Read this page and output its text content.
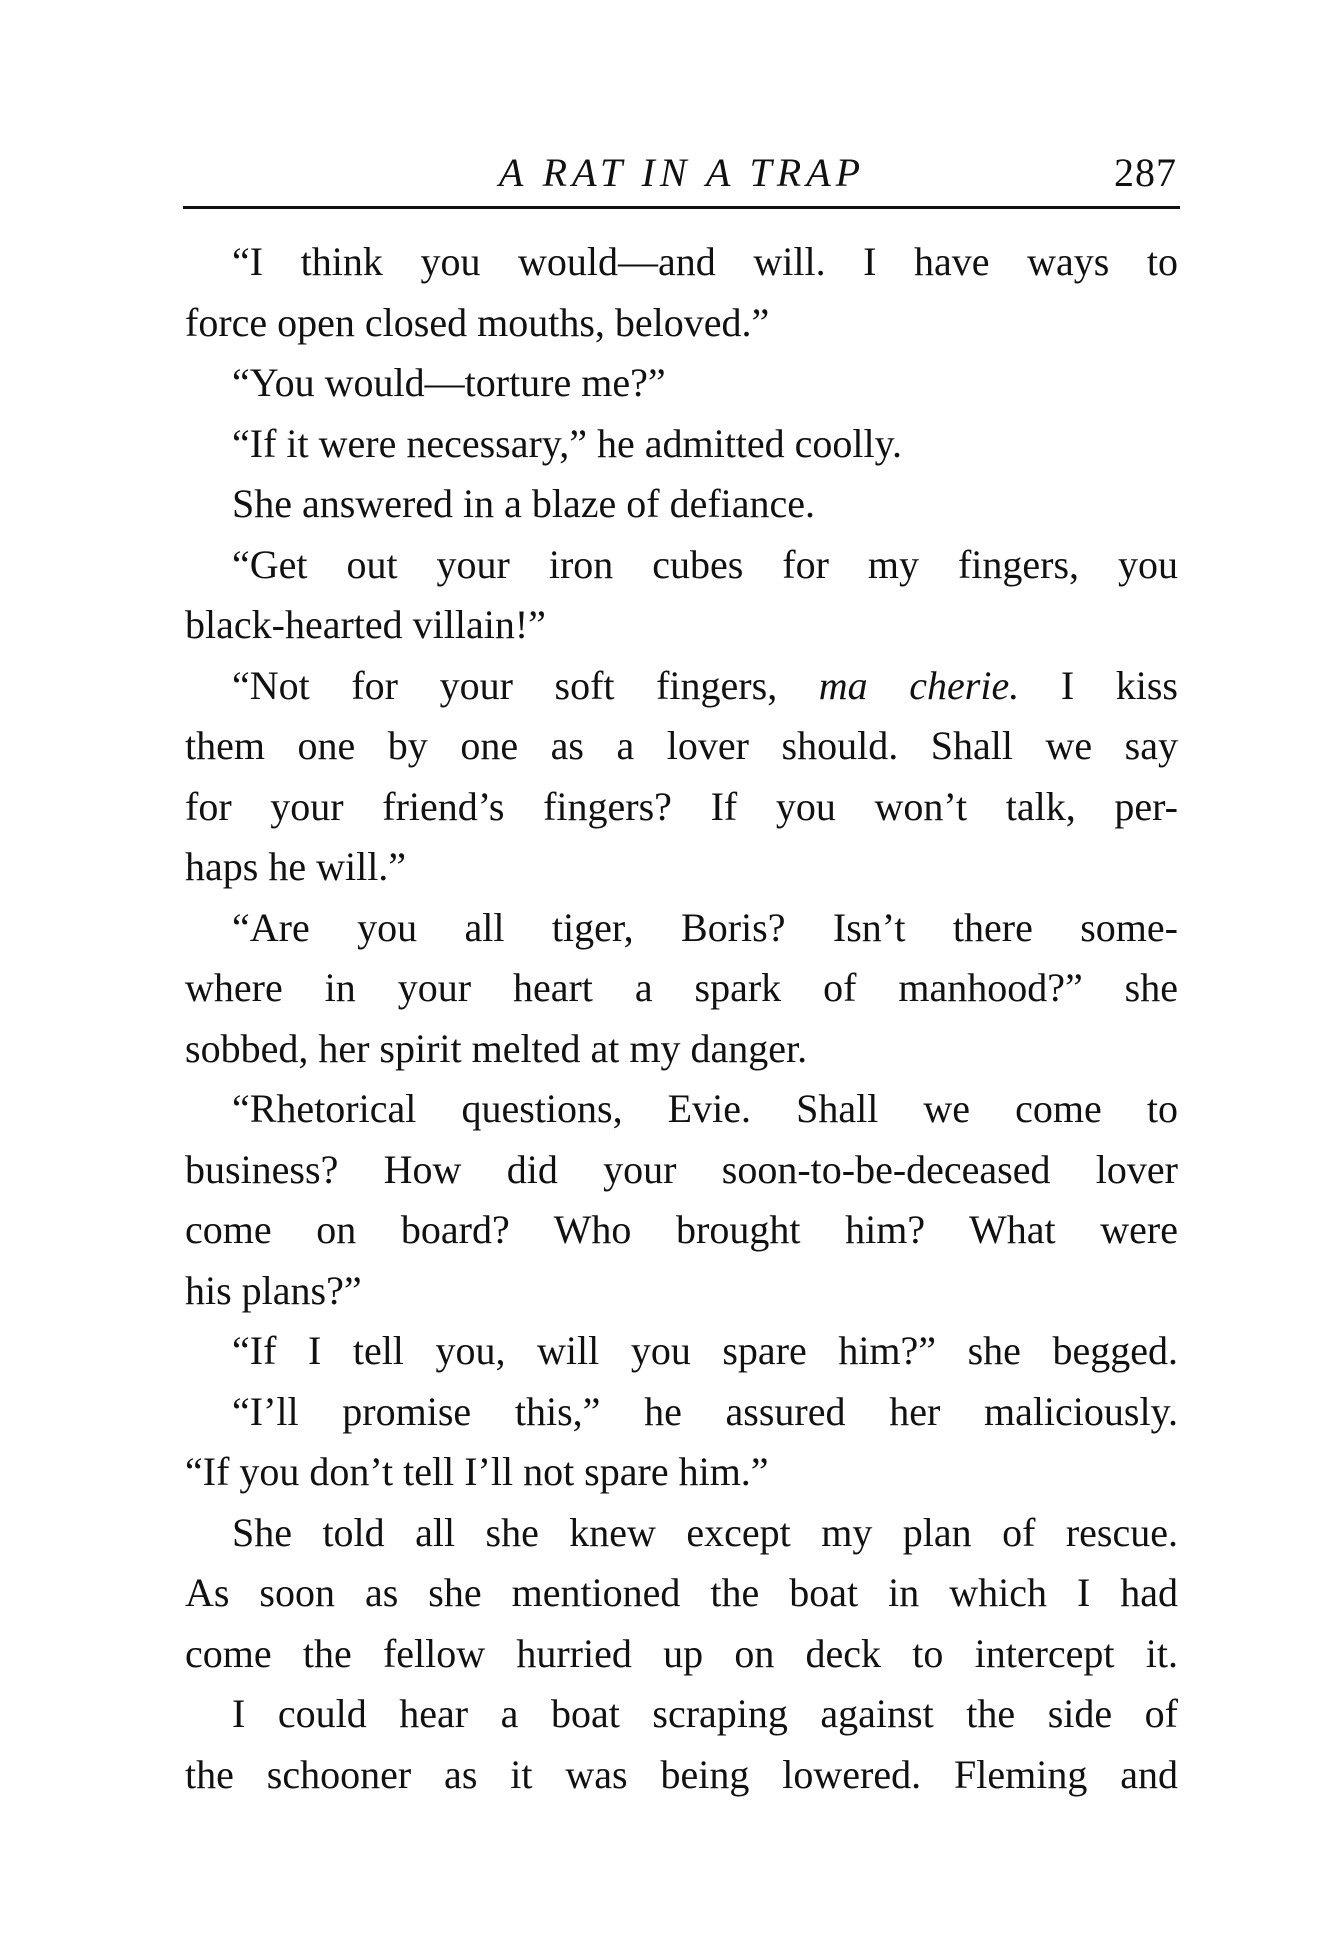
A RAT IN A TRAP	287
“I think you would—and will. I have ways to
force open closed mouths, beloved.”
“You would—torture me?”
“If it were necessary,” he admitted coolly.
She answered in a blaze of defiance.
“Get out your iron cubes for my fingers, you
black-hearted villain!”
“Not for your soft fingers, ma cherie. I kiss
them one by one as a lover should. Shall we say
for your friend’s fingers? If you won’t talk, per-
haps he will.”
“Are you all tiger, Boris? Isn’t there some-
where in your heart a spark of manhood?” she
sobbed, her spirit melted at my danger.
“Rhetorical questions, Evie. Shall we come to
business? How did your soon-to-be-deceased lover
come on board? Who brought him? What were
his plans?”
“If I tell you, will you spare him?” she begged.
“I’ll promise this,” he assured her maliciously.
“If you don’t tell I’ll not spare him.”
She told all she knew except my plan of rescue.
As soon as she mentioned the boat in which I had
come the fellow hurried up on deck to intercept it.
I could hear a boat scraping against the side of
the schooner as it was being lowered. Fleming and
